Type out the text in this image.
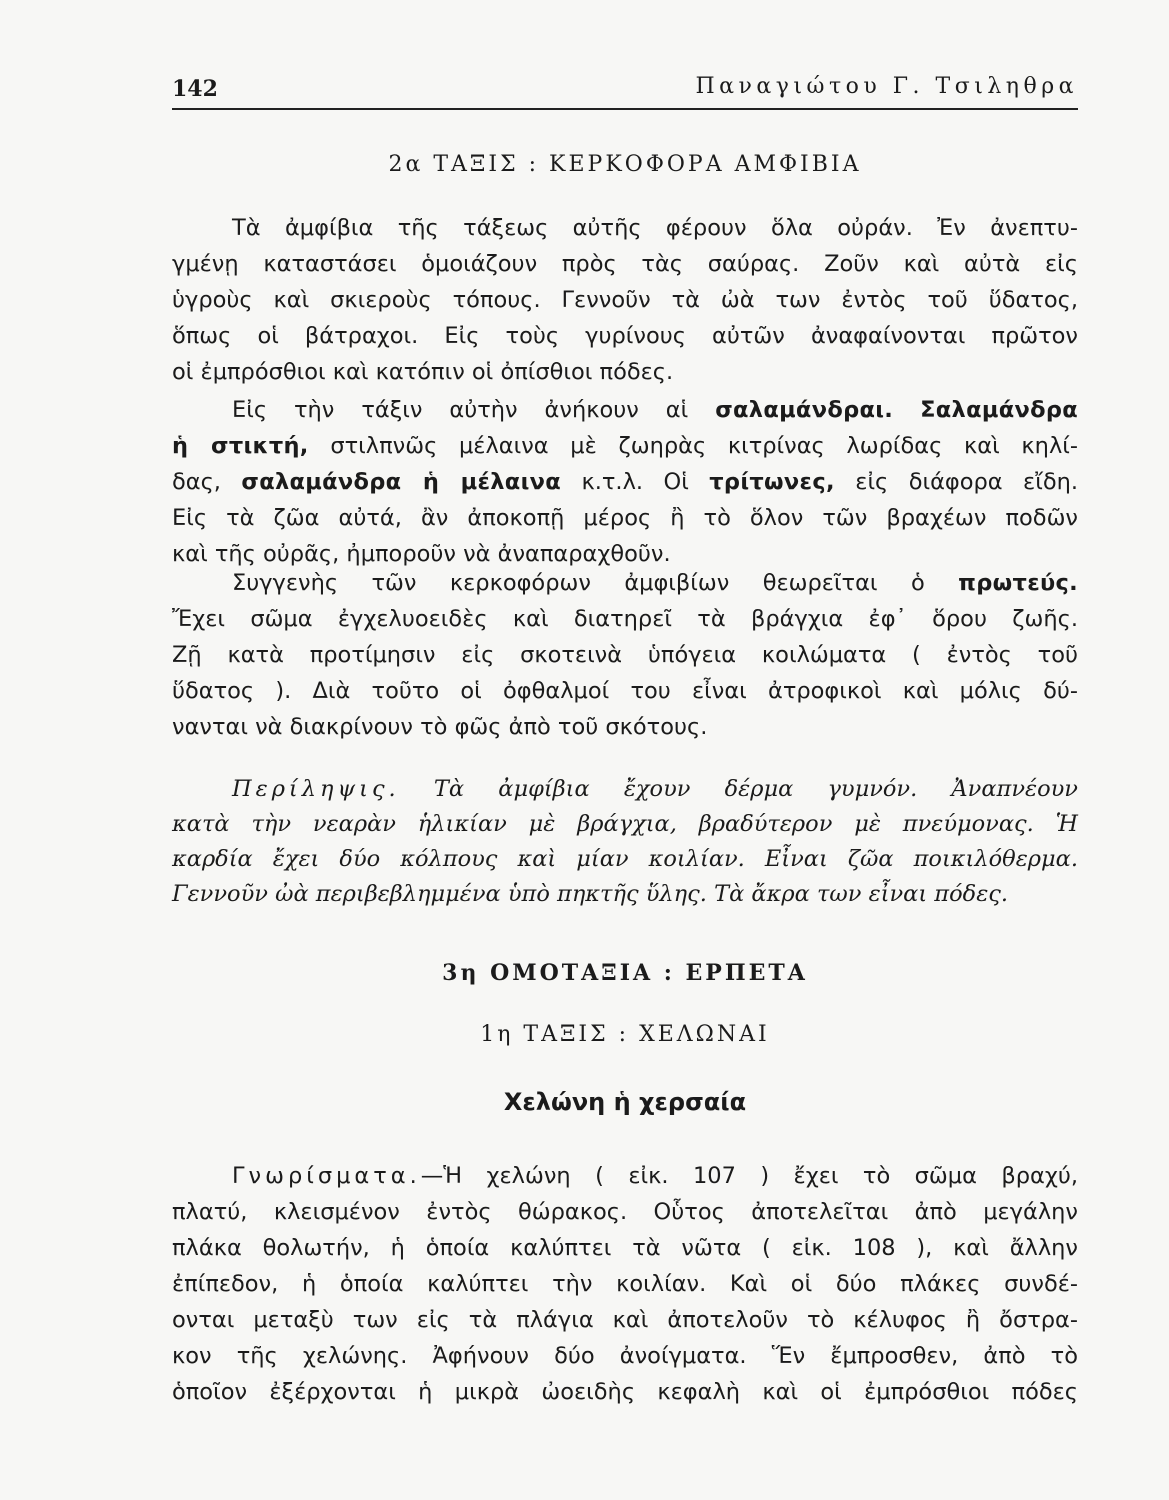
142	Παναγιώτου Γ. Τσιληθρα
2α ΤΑΞΙΣ : ΚΕΡΚΟΦΟΡΑ ΑΜΦΙΒΙΑ
Τὰ ἀμφίβια τῆς τάξεως αὐτῆς φέρουν ὅλα οὐράν. Ἐν ἀνεπτυ-
γμένῃ καταστάσει ὁμοιάζουν πρὸς τὰς σαύρας. Ζοῦν καὶ αὐτὰ εἰς
ὑγροὺς καὶ σκιεροὺς τόπους. Γεννοῦν τὰ ὠὰ των ἐντὸς τοῦ ὕδατος,
ὅπως οἱ βάτραχοι. Εἰς τοὺς γυρίνους αὐτῶν ἀναφαίνονται πρῶτον
οἱ ἐμπρόσθιοι καὶ κατόπιν οἱ ὀπίσθιοι πόδες.
Εἰς τὴν τάξιν αὐτὴν ἀνήκουν αἱ σαλαμάνδραι. Σαλαμάνδρα
ἡ στικτή, στιλπνῶς μέλαινα μὲ ζωηρὰς κιτρίνας λωρίδας καὶ κηλί-
δας, σαλαμάνδρα ἡ μέλαινα κ.τ.λ. Οἱ τρίτωνες, εἰς διάφορα εἴδη.
Εἰς τὰ ζῶα αὐτά, ἂν ἀποκοπῇ μέρος ἢ τὸ ὅλον τῶν βραχέων ποδῶν
καὶ τῆς οὐρᾶς, ἠμποροῦν νὰ ἀναπαραχθοῦν.
Συγγενὴς τῶν κερκοφόρων ἀμφιβίων θεωρεῖται ὁ πρωτεύς.
Ἔχει σῶμα ἐγχελυοειδὲς καὶ διατηρεῖ τὰ βράγχια ἐφ᾽ ὅρου ζωῆς.
Ζῇ κατὰ προτίμησιν εἰς σκοτεινὰ ὑπόγεια κοιλώματα ( ἐντὸς τοῦ
ὕδατος ). Διὰ τοῦτο οἱ ὀφθαλμοί του εἶναι ἀτροφικοὶ καὶ μόλις δύ-
νανται νὰ διακρίνουν τὸ φῶς ἀπὸ τοῦ σκότους.
Περίληψις. Τὰ ἀμφίβια ἔχουν δέρμα γυμνόν. Ἀναπνέουν
κατὰ τὴν νεαρὰν ἡλικίαν μὲ βράγχια, βραδύτερον μὲ πνεύμονας. Ἡ
καρδία ἔχει δύο κόλπους καὶ μίαν κοιλίαν. Εἶναι ζῶα ποικιλόθερμα.
Γεννοῦν ὠὰ περιβεβλημμένα ὑπὸ πηκτῆς ὕλης. Τὰ ἄκρα των εἶναι πόδες.
3η ΟΜΟΤΑΞΙΑ : ΕΡΠΕΤΑ
1η ΤΑΞΙΣ : ΧΕΛΩΝΑΙ
Χελώνη ἡ χερσαία
Γνωρίσματα.—Ἡ χελώνη ( εἰκ. 107 ) ἔχει τὸ σῶμα βραχύ,
πλατύ, κλεισμένον ἐντὸς θώρακος. Οὗτος ἀποτελεῖται ἀπὸ μεγάλην
πλάκα θολωτήν, ἡ ὁποία καλύπτει τὰ νῶτα ( εἰκ. 108 ), καὶ ἄλλην
ἐπίπεδον, ἡ ὁποία καλύπτει τὴν κοιλίαν. Καὶ οἱ δύο πλάκες συνδέ-
ονται μεταξὺ των εἰς τὰ πλάγια καὶ ἀποτελοῦν τὸ κέλυφος ἢ ὄστρα-
κον τῆς χελώνης. Ἀφήνουν δύο ἀνοίγματα. Ἕν ἔμπροσθεν, ἀπὸ τὸ
ὁποῖον ἐξέρχονται ἡ μικρὰ ὠοειδὴς κεφαλὴ καὶ οἱ ἐμπρόσθιοι πόδες
